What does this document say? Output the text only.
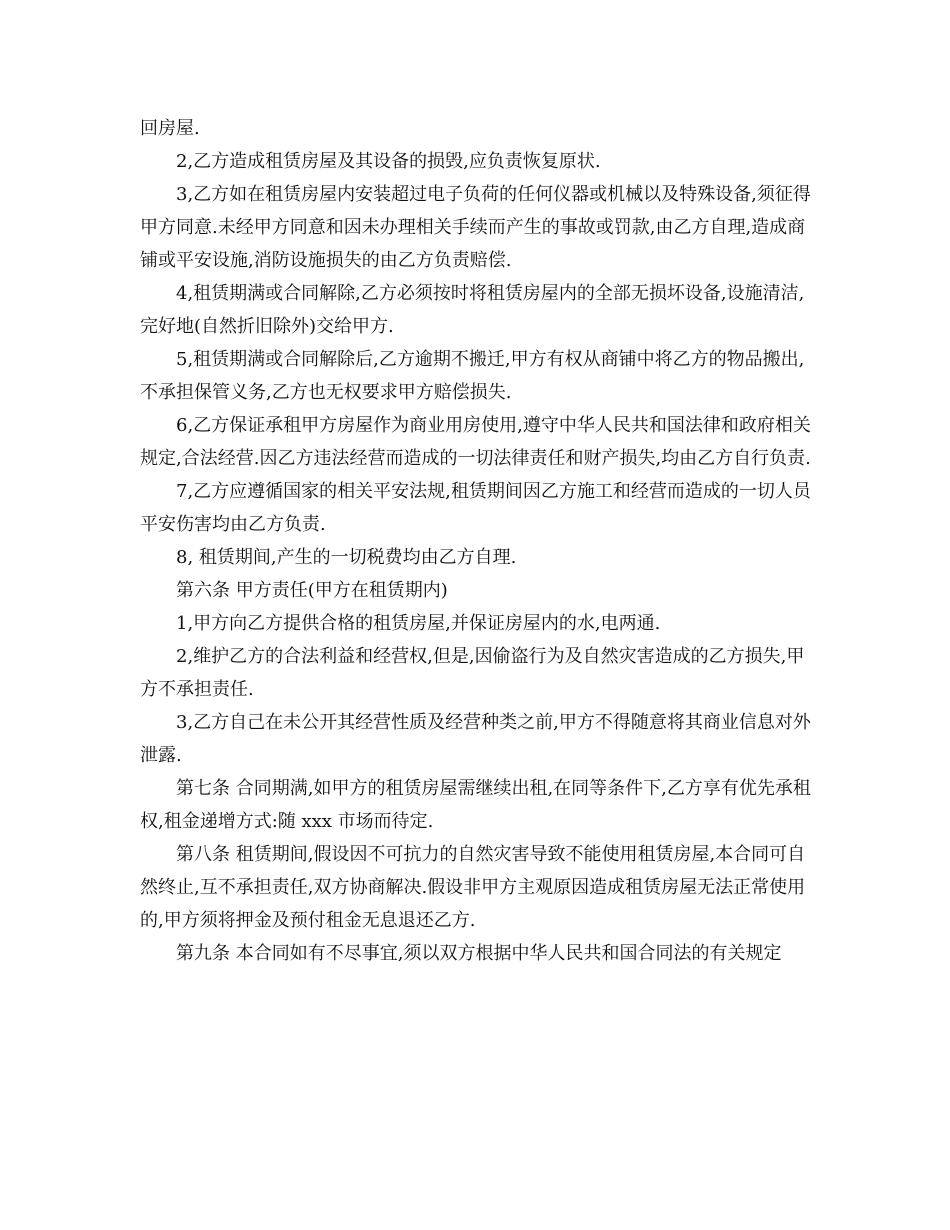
回房屋.

2,乙方造成租赁房屋及其设备的损毁,应负责恢复原状.

3,乙方如在租赁房屋内安装超过电子负荷的任何仪器或机械以及特殊设备,须征得甲方同意.未经甲方同意和因未办理相关手续而产生的事故或罚款,由乙方自理,造成商铺或平安设施,消防设施损失的由乙方负责赔偿.

4,租赁期满或合同解除,乙方必须按时将租赁房屋内的全部无损坏设备,设施清洁,完好地(自然折旧除外)交给甲方.

5,租赁期满或合同解除后,乙方逾期不搬迁,甲方有权从商铺中将乙方的物品搬出,不承担保管义务,乙方也无权要求甲方赔偿损失.

6,乙方保证承租甲方房屋作为商业用房使用,遵守中华人民共和国法律和政府相关规定,合法经营.因乙方违法经营而造成的一切法律责任和财产损失,均由乙方自行负责.

7,乙方应遵循国家的相关平安法规,租赁期间因乙方施工和经营而造成的一切人员平安伤害均由乙方负责.

8, 租赁期间,产生的一切税费均由乙方自理.

第六条 甲方责任(甲方在租赁期内)

1,甲方向乙方提供合格的租赁房屋,并保证房屋内的水,电两通.

2,维护乙方的合法利益和经营权,但是,因偷盗行为及自然灾害造成的乙方损失,甲方不承担责任.

3,乙方自己在未公开其经营性质及经营种类之前,甲方不得随意将其商业信息对外泄露.

第七条 合同期满,如甲方的租赁房屋需继续出租,在同等条件下,乙方享有优先承租权,租金递增方式:随 xxx 市场而待定.

第八条 租赁期间,假设因不可抗力的自然灾害导致不能使用租赁房屋,本合同可自然终止,互不承担责任,双方协商解决.假设非甲方主观原因造成租赁房屋无法正常使用的,甲方须将押金及预付租金无息退还乙方.

第九条 本合同如有不尽事宜,须以双方根据中华人民共和国合同法的有关规定
